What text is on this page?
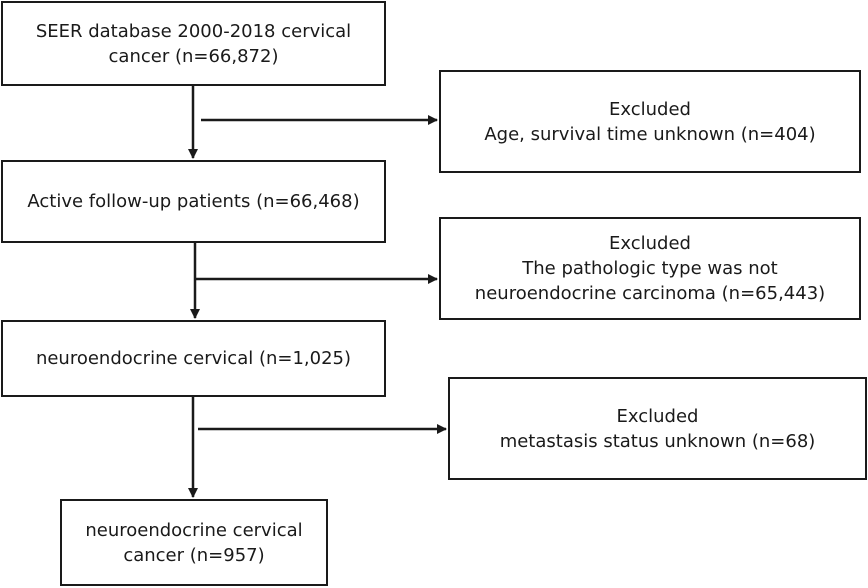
SEER database 2000-2018 cervical
cancer (n=66,872)
Active follow-up patients (n=66,468)
neuroendocrine cervical (n=1,025)
neuroendocrine cervical
cancer (n=957)
Excluded
Age, survival time unknown (n=404)
Excluded
The pathologic type was not
neuroendocrine carcinoma (n=65,443)
Excluded
metastasis status unknown (n=68)
